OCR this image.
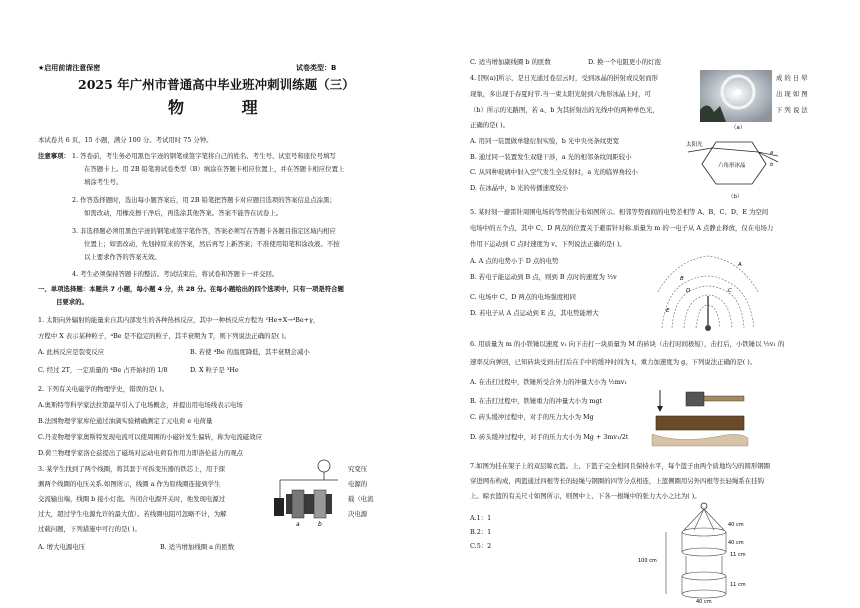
★启用前请注意保密	试卷类型：B
2025 年广州市普通高中毕业班冲刺训练题（三）
物 理
本试卷共 6 页，15 小题，满分 100 分。考试用时 75 分钟。
注意事项： 1. 答卷前，考生务必用黑色字迹的钢笔或签字笔将自己的姓名、考生号、试室号和座位号填写
在答题卡上。用 2B 铅笔将试卷类型（B）填涂在答题卡相应位置上，并在答题卡相应位置上
填涂考生号。
2. 作答选择题时，选出每小题答案后，用 2B 铅笔把答题卡对应题目选项的答案信息点涂黑；
如需改动，用橡皮擦干净后，再选涂其他答案。答案不能答在试卷上。
3. 非选择题必须用黑色字迹的钢笔或签字笔作答，答案必须写在答题卡各题目指定区域内相应
位置上；如需改动，先划掉原来的答案，然后再写上新答案；不准使用铅笔和涂改液。不按
以上要求作答的答案无效。
4. 考生必须保持答题卡的整洁。考试结束后，将试卷和答题卡一并交回。
一、单项选择题：本题共 7 小题，每小题 4 分，共 28 分。在每小题给出的四个选项中，只有一项是符合题
目要求的。
1. 太阳向外辐射的能量来自其内部发生的各种热核反应，其中一种核反应方程为 ²He+X→⁴Be+γ，
方程中 X 表示某种粒子，⁴Be 是不稳定的粒子，其半衰期为 T，则下列说法正确的是( )。
A. 此核反应是裂变反应	B. 若使 ⁴Be 的温度降低，其半衰期会减小
C. 经过 2T，一定质量的 ⁴Be 占开始时的 1/8	D. X 粒子是 ³He
2. 下列有关电磁学的物理学史，错误的是( )。
A.奥斯特等科学家法拉第最早引入了电场概念，并提出用电场线表示电场
B.法国物理学家库伦通过油滴实验精确测定了元电荷 e 电荷量
C.丹麦物理学家奥斯特发现电流可以使周围的小磁针发生偏转，称为电流磁效应
D.荷兰物理学家洛仑兹提出了磁场对运动电荷有作用力即洛伦兹力的观点
3. 某学生找到了两个线圈，将其套于可拆变压器的铁芯上，用于探
测两个线圈的电压关系.如图所示，线圈 a 作为原线圈连接到学生
交流输出端，线圈 b 接小灯泡。当闭合电源开关时，他发现电源过
过大，超过学生电源允许的最大值）。若线圈电阻可忽略不计，为解
过载问题，下列措施中可行的是( )。
究变压
电源的
载（电流
决电源
A. 增大电源电压	B. 适当增加线圈 a 的匝数
a	b
C. 适当增加副线圈 b 的匝数	D. 换一个电阻更小的灯泡
4. [图(a)]所示，是日光通过卷层云时，受到冰晶的折射或反射而形
现象，多出现于春夏时节.当一束太阳光射到六角形冰晶上时，可
（b）所示的光路图，若 a、b 为其折射出的光线中的两种单色光，
正确的是( )。
成 的 日 晕
出 现 如 图
下 列 说 法
A. 用同一装置做单缝衍射实验，b 光中央亮条纹更宽
B. 通过同一装置发生双缝干涉，a 光的相邻条纹间距较小
C. 从同种玻璃中射入空气发生全反射时，a 光的临界角较小
D. 在冰晶中，b 光的传播速度较小
（a）
太阳光
a
b
六角形冰晶
（b）
5. 某时刻一避雷针周围电场的等势面分布如图所示。相邻等势面间的电势差相等 A、B、C、D、E 为空间
电场中的五个点，其中 C、D 两点的位置关于避雷针对称.质量为 m 的一电子从 A 点静止释放，仅在电场力
作用下运动到 C 点时速度为 v。下列说法正确的是( )。
A. A 点的电势小于 D 点的电势
B. 若电子能运动到 B 点，则到 B 点时的速度为 ½v
C. 电场中 C、D 两点的电场强度相同
D. 若电子从 A 点运动到 E 点，其电势能增大
A
B
C
D
E
6. 用质量为 m 的小铁锤以速度 v₁ 向下击打一块质量为 M 的砖块（击打时间极短），击打后，小铁锤以 ½v₁ 的
速率反向弹回，已知砖块受到击打后在手中的缓冲时间为 t，重力加速度为 g，下列说法正确的是( )。
A. 在击打过程中，铁锤所受合外力的冲量大小为 ½mv₁
B. 在击打过程中，铁锤重力的冲量大小为 mgt
C. 砖头缓冲过程中，对手的压力大小为 Mg
D. 砖头缓冲过程中，对手的压力大小为 Mg + 3mv₁/2t
7.如图为挂在架子上的双层晾衣篮。上、下篮子完全相同且保持水平，每个篮子由两个质地均匀的圆形钢圈
穿进网布构成，两篮通过四根等长的轻绳与钢圈的四等分点相连，上篮侧圈用另外四根等长轻绳系在挂钩
上。晾衣篮的有关尺寸如图所示，则图中上、下各一根绳中的张力大小之比为( )。
A.1：1
B.2：1
C.5：2
40 cm
40 cm
11 cm
100 cm
11 cm
40 cm
